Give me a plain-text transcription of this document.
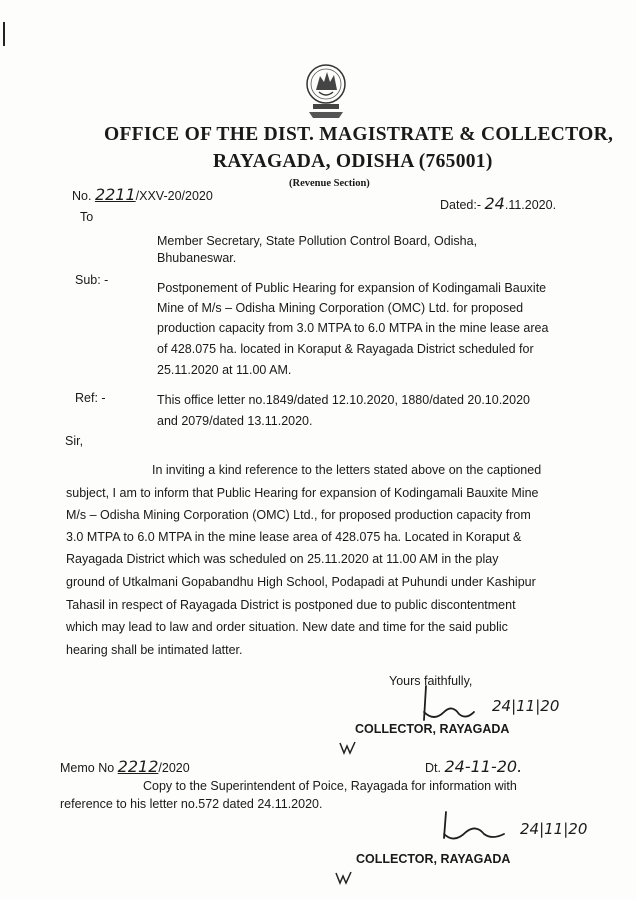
OFFICE OF THE DIST. MAGISTRATE & COLLECTOR,
RAYAGADA, ODISHA (765001)
(Revenue Section)
No. 2211/XXV-20/2020
Dated:- 24.11.2020.
To
Member Secretary, State Pollution Control Board, Odisha,
Bhubaneswar.
Sub: -
Postponement of Public Hearing for expansion of Kodingamali Bauxite
Mine of M/s – Odisha Mining Corporation (OMC) Ltd. for proposed
production capacity from 3.0 MTPA to 6.0 MTPA in the mine lease area
of 428.075 ha. located in Koraput & Rayagada District scheduled for
25.11.2020 at 11.00 AM.
Ref: -	This office letter no.1849/dated 12.10.2020, 1880/dated 20.10.2020
and 2079/dated 13.11.2020.
Sir,
In inviting a kind reference to the letters stated above on the captioned
subject, I am to inform that Public Hearing for expansion of Kodingamali Bauxite Mine
M/s – Odisha Mining Corporation (OMC) Ltd., for proposed production capacity from
3.0 MTPA to 6.0 MTPA in the mine lease area of 428.075 ha. Located in Koraput &
Rayagada District which was scheduled on 25.11.2020 at 11.00 AM in the play
ground of Utkalmani Gopabandhu High School, Podapadi at Puhundi under Kashipur
Tahasil in respect of Rayagada District is postponed due to public discontentment
which may lead to law and order situation. New date and time for the said public
hearing shall be intimated latter.
Yours faithfully,
24|11|20
COLLECTOR, RAYAGADA
Memo No 2212/2020	Dt. 24-11-20.
Copy to the Superintendent of Poice, Rayagada for information with
reference to his letter no.572 dated 24.11.2020.
24|11|20
COLLECTOR, RAYAGADA
